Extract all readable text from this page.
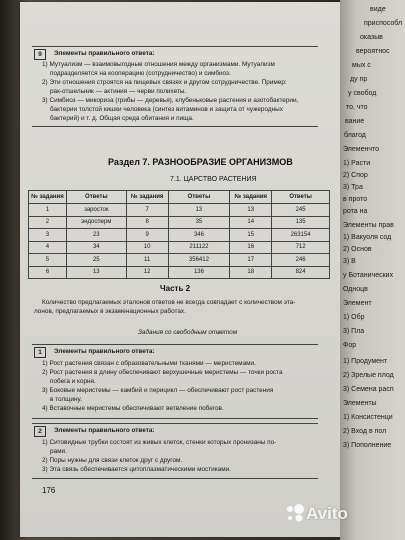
9	Элементы правильного ответа:
1) Мутуализм — взаимовыгодные отношения между организмами. Мутуализм
подразделяется на кооперацию (сотрудничество) и симбиоз.
2) Эти отношения строятся на пищевых связях и другом сотрудничестве. Пример:
рак-отшельник — актиния — черви полихеты.
3) Симбиоз — микориза (грибы — деревья), клубеньковые растения и азотобактерии,
бактерии толстой кишки человека (синтез витаминов и защита от чужеродных
бактерий) и т. д. Общая среда обитания и пища.
Раздел 7. РАЗНООБРАЗИЕ ОРГАНИЗМОВ
7.1. ЦАРСТВО РАСТЕНИЯ
№ задания	Ответы	№ задания	Ответы	№ задания	Ответы
1	заросток	7	13	13	245
2	эндосперм	8	35	14	135
3	23	9	346	15	263154
4	34	10	211122	16	712
5	25	11	356412	17	246
6	13	12	136	18	824
Часть 2
Количество предлагаемых эталонов ответов не всегда совпадает с количеством эта-
лонов, предлагаемых в экзаменационных работах.
Задания со свободным ответом
1	Элементы правильного ответа:
1) Рост растения связан с образовательными тканями — меристемами.
2) Рост растения в длину обеспечивают верхушечные меристемы — точки роста
побега и корня.
3) Боковые меристемы — камбий и перицикл — обеспечивают рост растения
в толщину.
4) Вставочные меристемы обеспечивают ветвление побегов.
2	Элементы правильного ответа:
1) Ситовидные трубки состоят из живых клеток, стенки которых пронизаны по-
рами.
2) Поры нужны для связи клеток друг с другом.
3) Эта связь обеспечивается цитоплазматическими мостиками.
176
виде
приспособл
оказыв
вероятнос
мых с
ду пр
у свобод
то, что
вание
благод
Элеменчто
1) Расти
2) Спор
3) Тра
в прото
рота на
Элементы прав
1) Вакуоля сод
2) Основ
3) В
у Ботанических
Одноцв
Элемент
1) Обр
3) Пла
Фор
1) Продумент
2) Зрелые плод
3) Семена расп
Элементы
1) Консистенци
2) Вход в пол
3) Пополнение
Avito
